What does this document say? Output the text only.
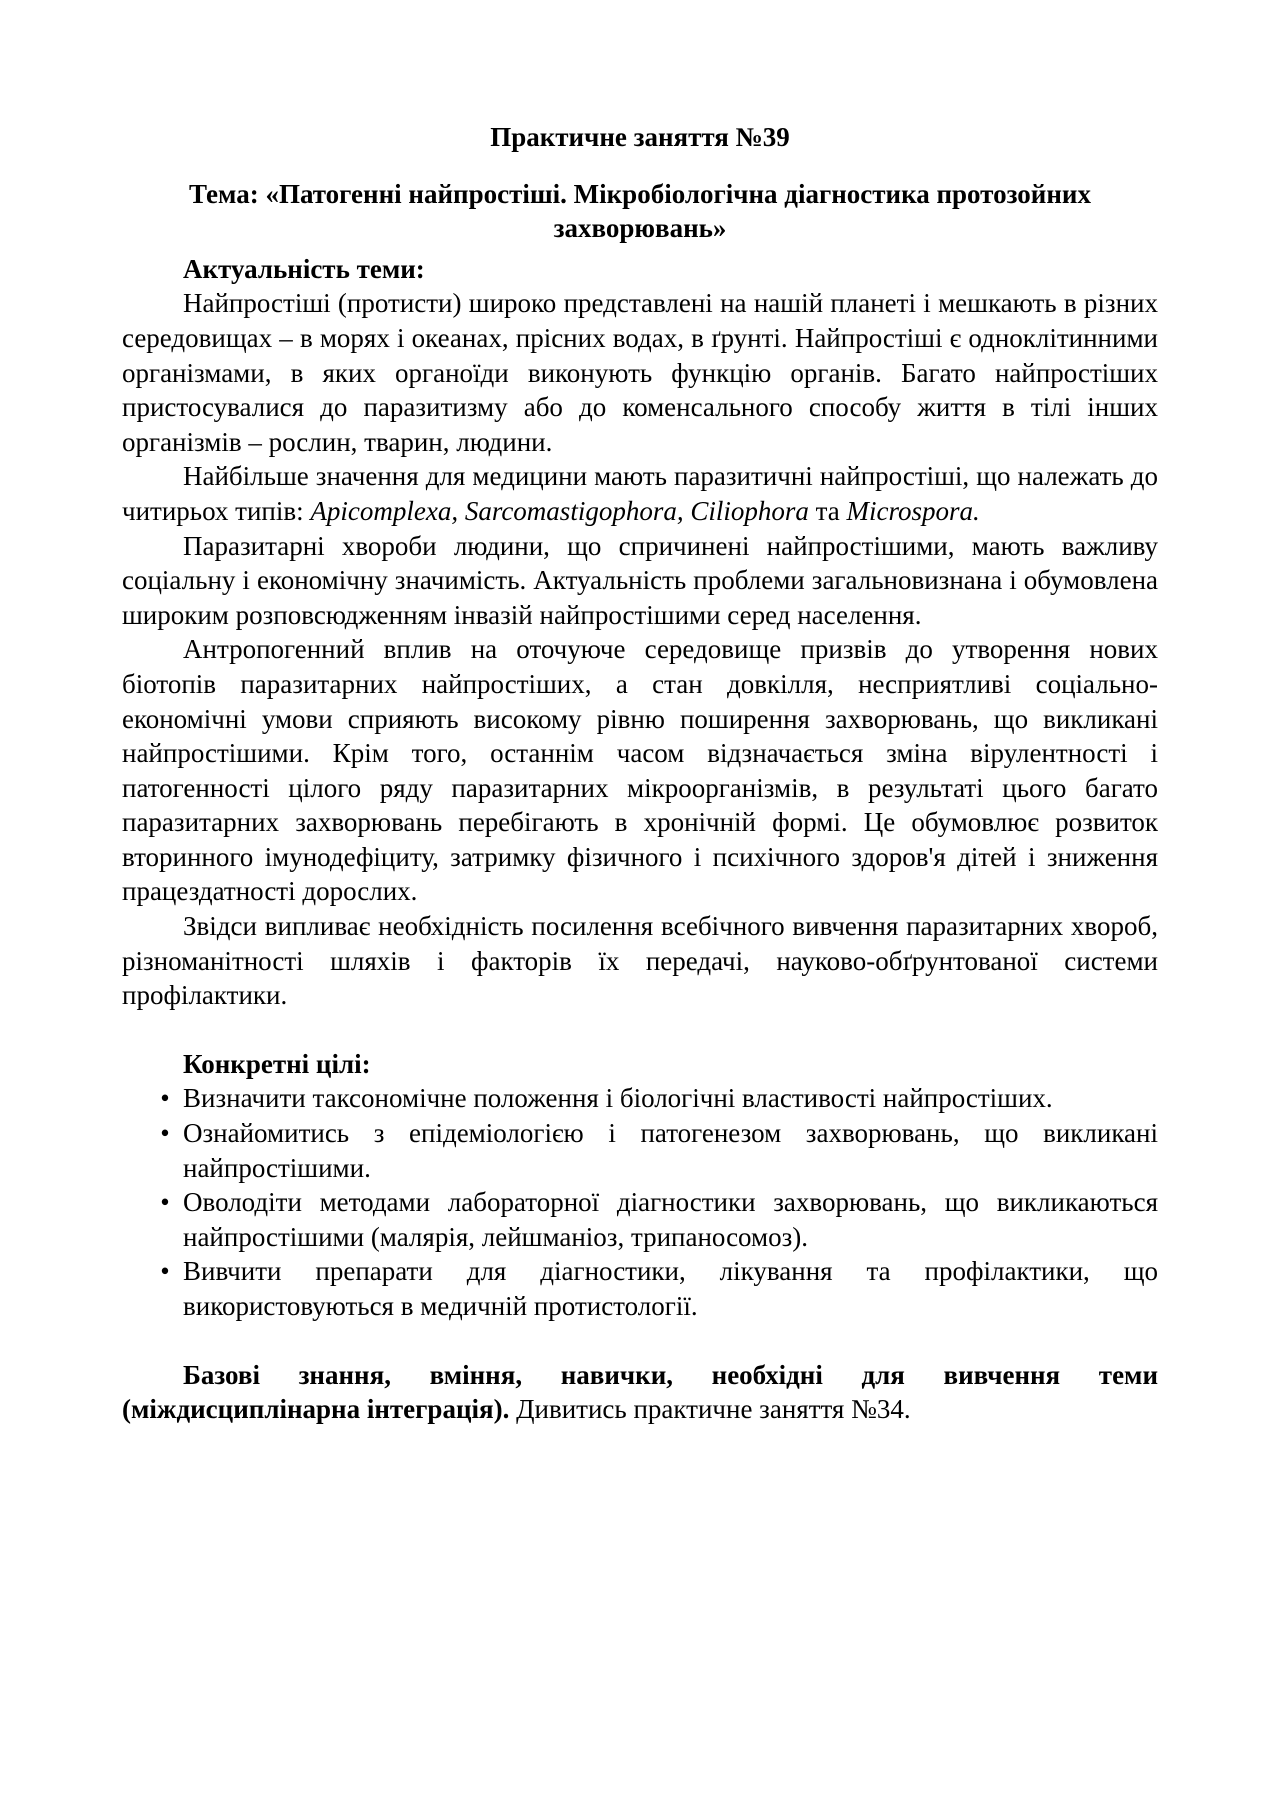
Практичне заняття №39

Тема: «Патогенні найпростіші. Мікробіологічна діагностика протозойних захворювань»

Актуальність теми:

Найпростіші (протисти) широко представлені на нашій планеті і мешкають в різних середовищах – в морях і океанах, прісних водах, в ґрунті. Найпростіші є одноклітинними організмами, в яких органоїди виконують функцію органів. Багато найпростіших пристосувалися до паразитизму або до коменсального способу життя в тілі інших організмів – рослин, тварин, людини.

Найбільше значення для медицини мають паразитичні найпростіші, що належать до читирьох типів: Apicomplexa, Sarcomastigophora, Ciliophora та Microspora.

Паразитарні хвороби людини, що спричинені найпростішими, мають важливу соціальну і економічну значимість. Актуальність проблеми загальновизнана і обумовлена широким розповсюдженням інвазій найпростішими серед населення.

Антропогенний вплив на оточуюче середовище призвів до утворення нових біотопів паразитарних найпростіших, а стан довкілля, несприятливі соціально-економічні умови сприяють високому рівню поширення захворювань, що викликані найпростішими. Крім того, останнім часом відзначається зміна вірулентності і патогенності цілого ряду паразитарних мікроорганізмів, в результаті цього багато паразитарних захворювань перебігають в хронічній формі. Це обумовлює розвиток вторинного імунодефіциту, затримку фізичного і психічного здоров'я дітей і зниження працездатності дорослих.

Звідси випливає необхідність посилення всебічного вивчення паразитарних хвороб, різноманітності шляхів і факторів їх передачі, науково-обґрунтованої системи профілактики.

Конкретні цілі:

• Визначити таксономічне положення і біологічні властивості найпростіших.
• Ознайомитись з епідеміологією і патогенезом захворювань, що викликані найпростішими.
• Оволодіти методами лабораторної діагностики захворювань, що викликаються найпростішими (малярія, лейшманіоз, трипаносомоз).
• Вивчити препарати для діагностики, лікування та профілактики, що використовуються в медичній протистології.

Базові знання, вміння, навички, необхідні для вивчення теми (міждисциплінарна інтеграція). Дивитись практичне заняття №34.
